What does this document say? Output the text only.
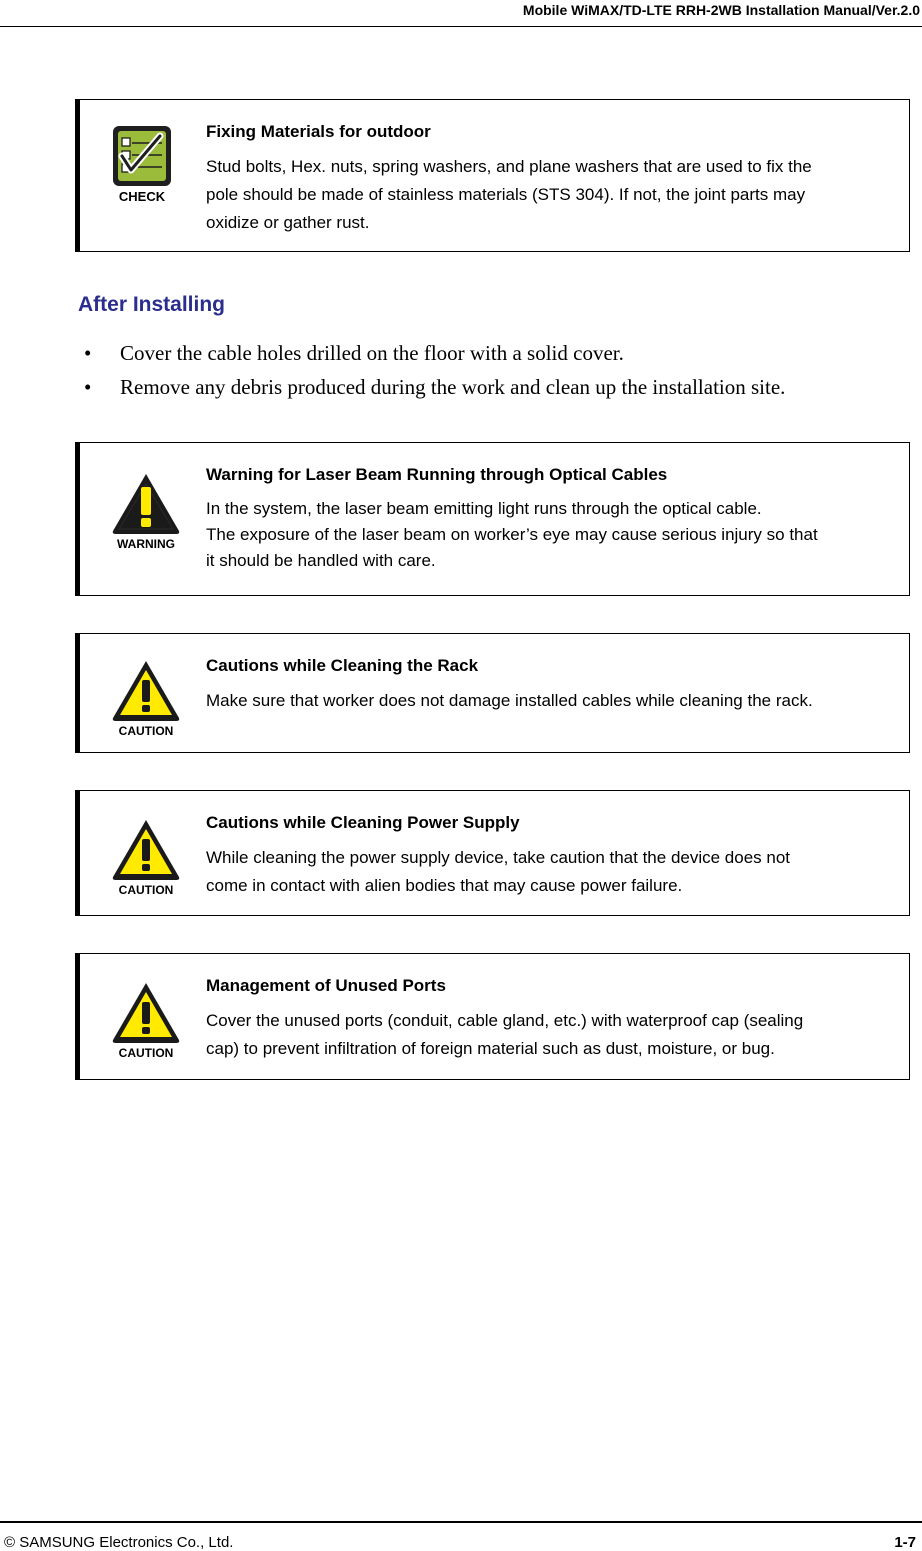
Mobile WiMAX/TD-LTE RRH-2WB Installation Manual/Ver.2.0
CHECK

Fixing Materials for outdoor

Stud bolts, Hex. nuts, spring washers, and plane washers that are used to fix the
pole should be made of stainless materials (STS 304). If not, the joint parts may
oxidize or gather rust.

After Installing
• Cover the cable holes drilled on the floor with a solid cover.
• Remove any debris produced during the work and clean up the installation site.
WARNING

Warning for Laser Beam Running through Optical Cables

In the system, the laser beam emitting light runs through the optical cable.
The exposure of the laser beam on worker’s eye may cause serious injury so that
it should be handled with care.

CAUTION

Cautions while Cleaning the Rack

Make sure that worker does not damage installed cables while cleaning the rack.

CAUTION

Cautions while Cleaning Power Supply

While cleaning the power supply device, take caution that the device does not
come in contact with alien bodies that may cause power failure.

CAUTION

Management of Unused Ports

Cover the unused ports (conduit, cable gland, etc.) with waterproof cap (sealing
cap) to prevent infiltration of foreign material such as dust, moisture, or bug.

© SAMSUNG Electronics Co., Ltd.	1-7
